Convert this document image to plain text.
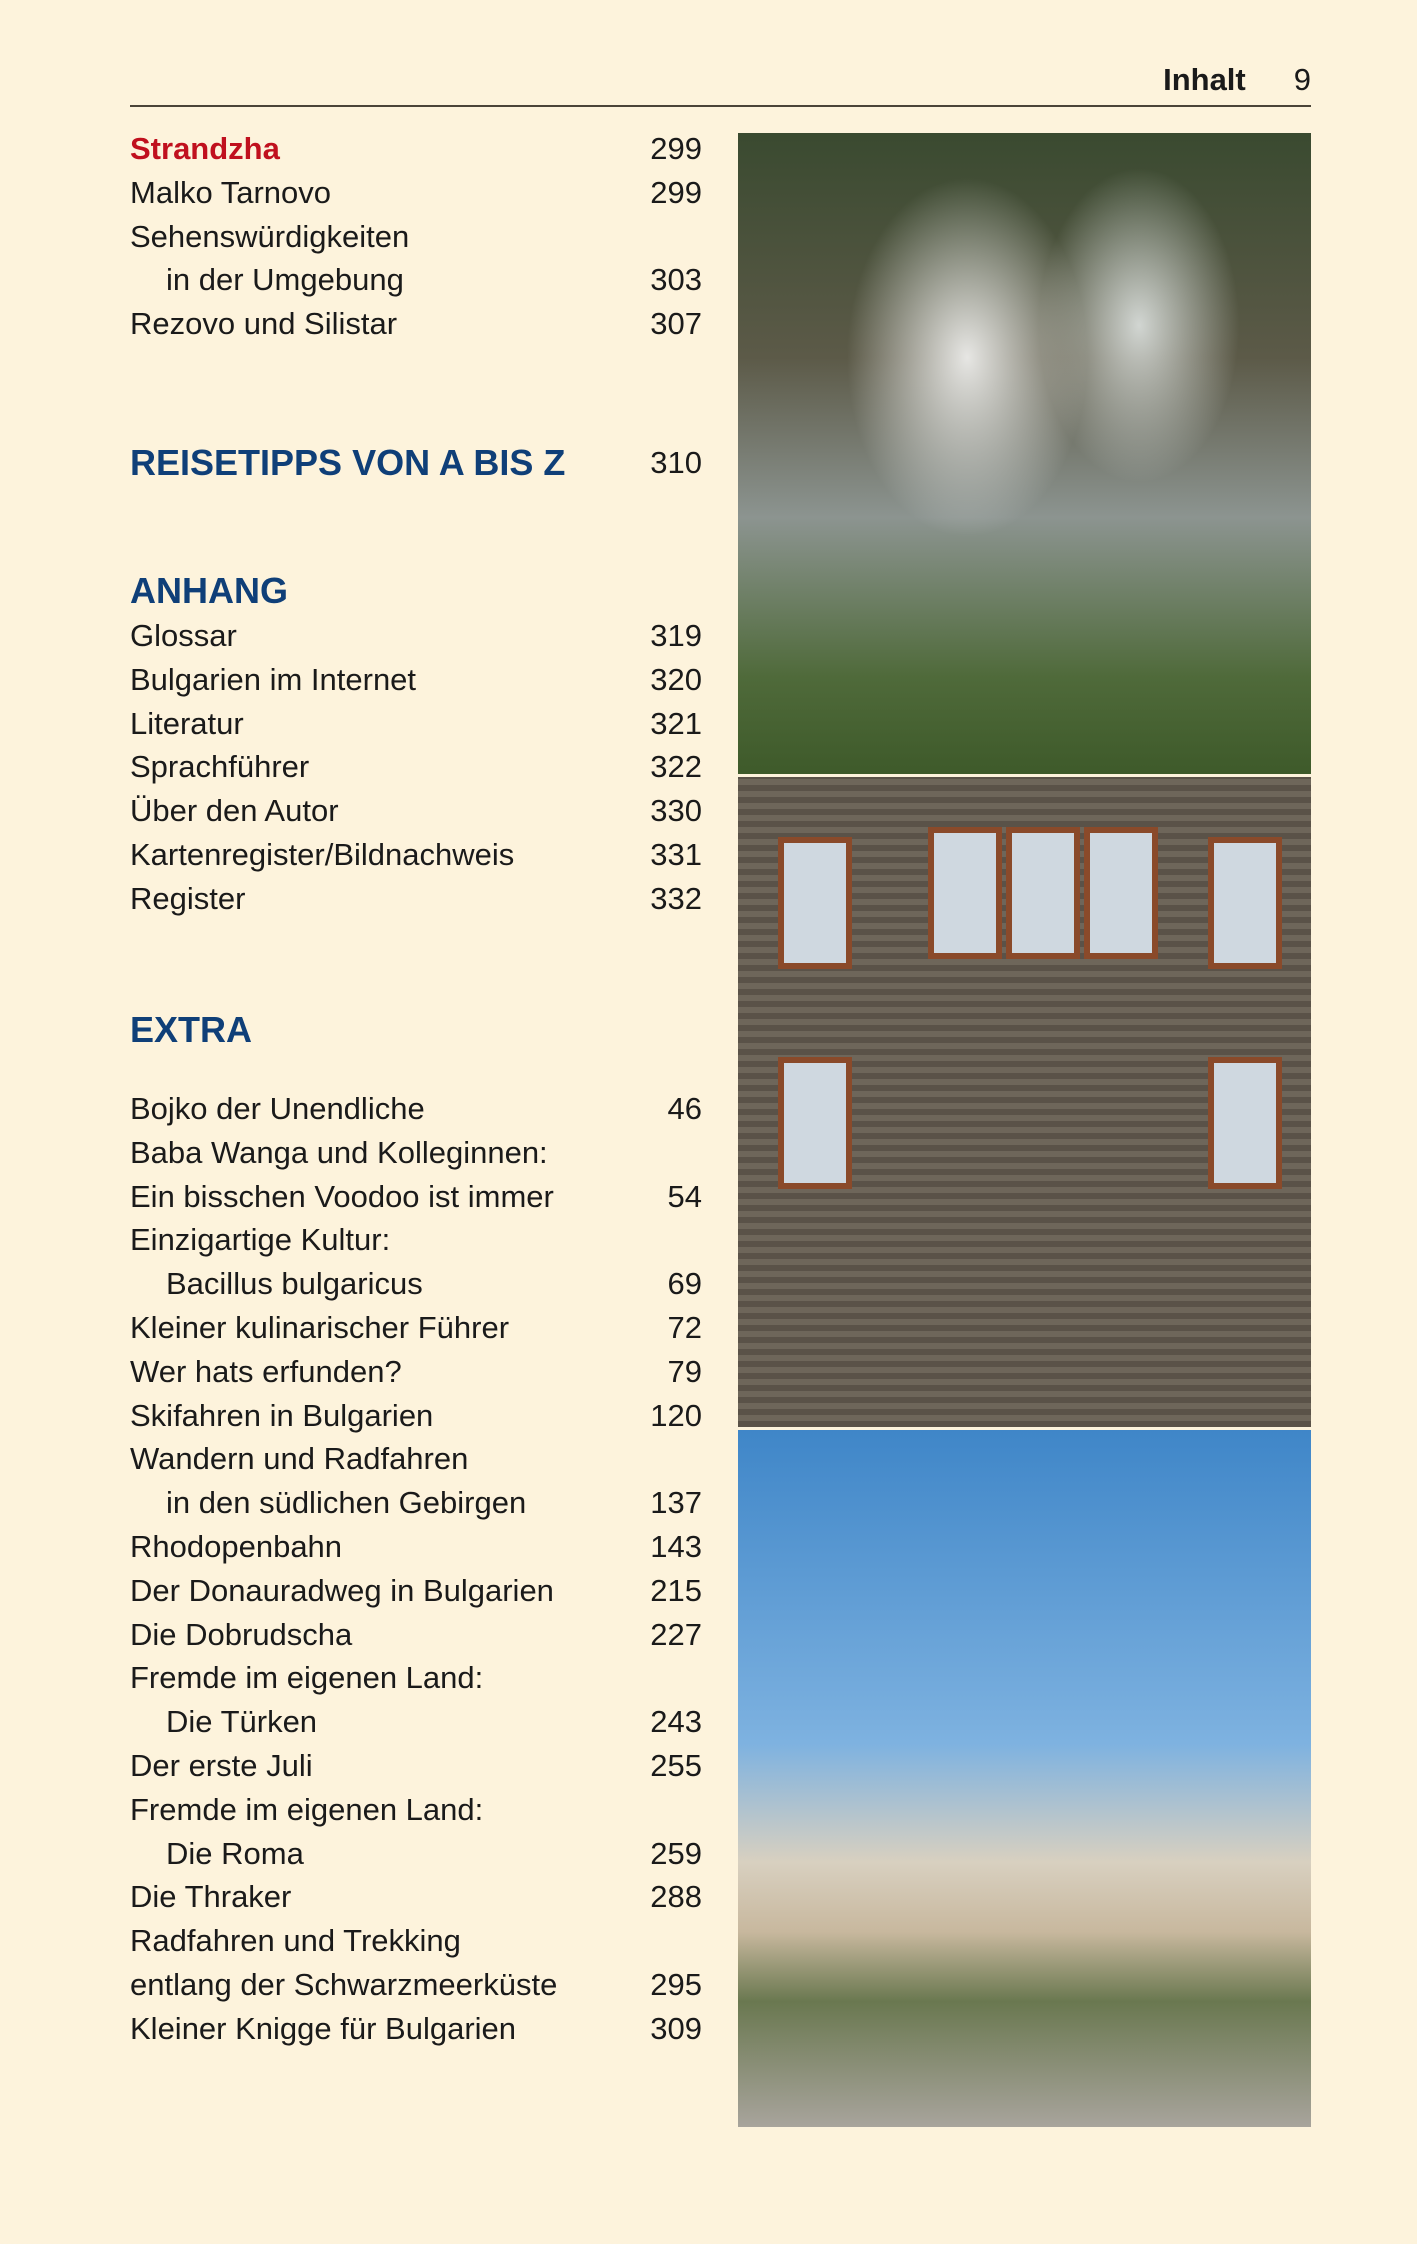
Inhalt 9
Strandzha	299
Malko Tarnovo	299
Sehenswürdigkeiten
in der Umgebung	303
Rezovo und Silistar	307
REISETIPPS VON A BIS Z	310
ANHANG
Glossar	319
Bulgarien im Internet	320
Literatur	321
Sprachführer	322
Über den Autor	330
Kartenregister/Bildnachweis	331
Register	332
EXTRA
Bojko der Unendliche	46
Baba Wanga und Kolleginnen:
Ein bisschen Voodoo ist immer	54
Einzigartige Kultur:
Bacillus bulgaricus	69
Kleiner kulinarischer Führer	72
Wer hats erfunden?	79
Skifahren in Bulgarien	120
Wandern und Radfahren
in den südlichen Gebirgen	137
Rhodopenbahn	143
Der Donauradweg in Bulgarien	215
Die Dobrudscha	227
Fremde im eigenen Land:
Die Türken	243
Der erste Juli	255
Fremde im eigenen Land:
Die Roma	259
Die Thraker	288
Radfahren und Trekking
entlang der Schwarzmeerküste	295
Kleiner Knigge für Bulgarien	309
